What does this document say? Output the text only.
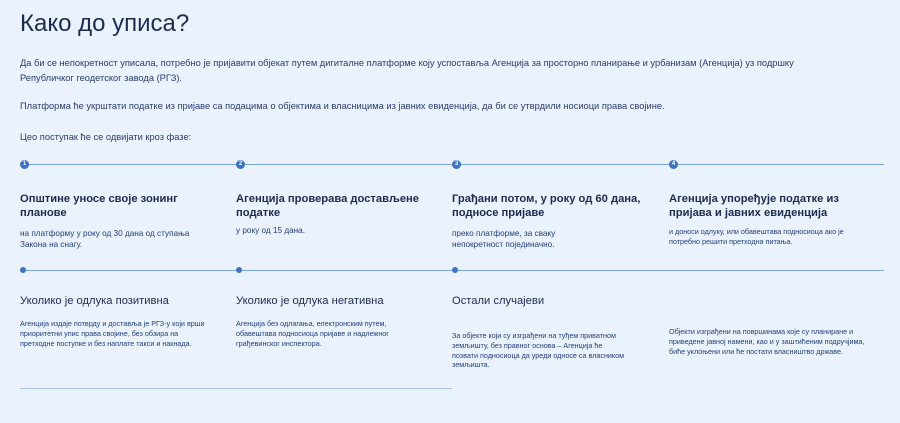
Како до уписа?

Да би се непокретност уписала, потребно је пријавити објекат путем дигиталне платформе коју успоставља Агенција за просторно планирање и урбанизам (Агенција) уз подршку Републичког геодетског завода (РГЗ).

Платформа ће укрштати податке из пријаве са подацима о објектима и власницима из јавних евиденција, да би се утврдили носиоци права својине.

Цео поступак ће се одвијати кроз фазе:

1	2	3	4
Општине уносе своје зонинг планове

на платформу у року од 30 дана од ступања Закона на снагу.

Агенција проверава достављене податке

у року од 15 дана.

Грађани потом, у року од 60 дана, подносе пријаве

преко платформе, за сваку непокретност појединачно.

Агенција упоређује податке из пријава и јавних евиденција

и доноси одлуку, или обавештава подносиоца ако је потребно решити претходна питања.

Уколико је одлука позитивна

Агенција издаје потврду и доставља је РГЗ-у који врши приоритетни упис права својине, без обзира на претходне поступке и без наплате такси и накнада.

Уколико је одлука негативна

Агенција без одлагања, електронским путем, обавештава подносиоца пријаве и надлежног грађевинског инспектора.

Остали случајеви

За објекте који су изграђени на туђем приватном земљишту, без правног основа – Агенција ће позвати подносиоца да уреди односе са власником земљишта.

Објекти изграђени на површинама које су планиране и приведене јавној намени, као и у заштићеним подручјима, биће уклоњени или ће постати власништво државе.
